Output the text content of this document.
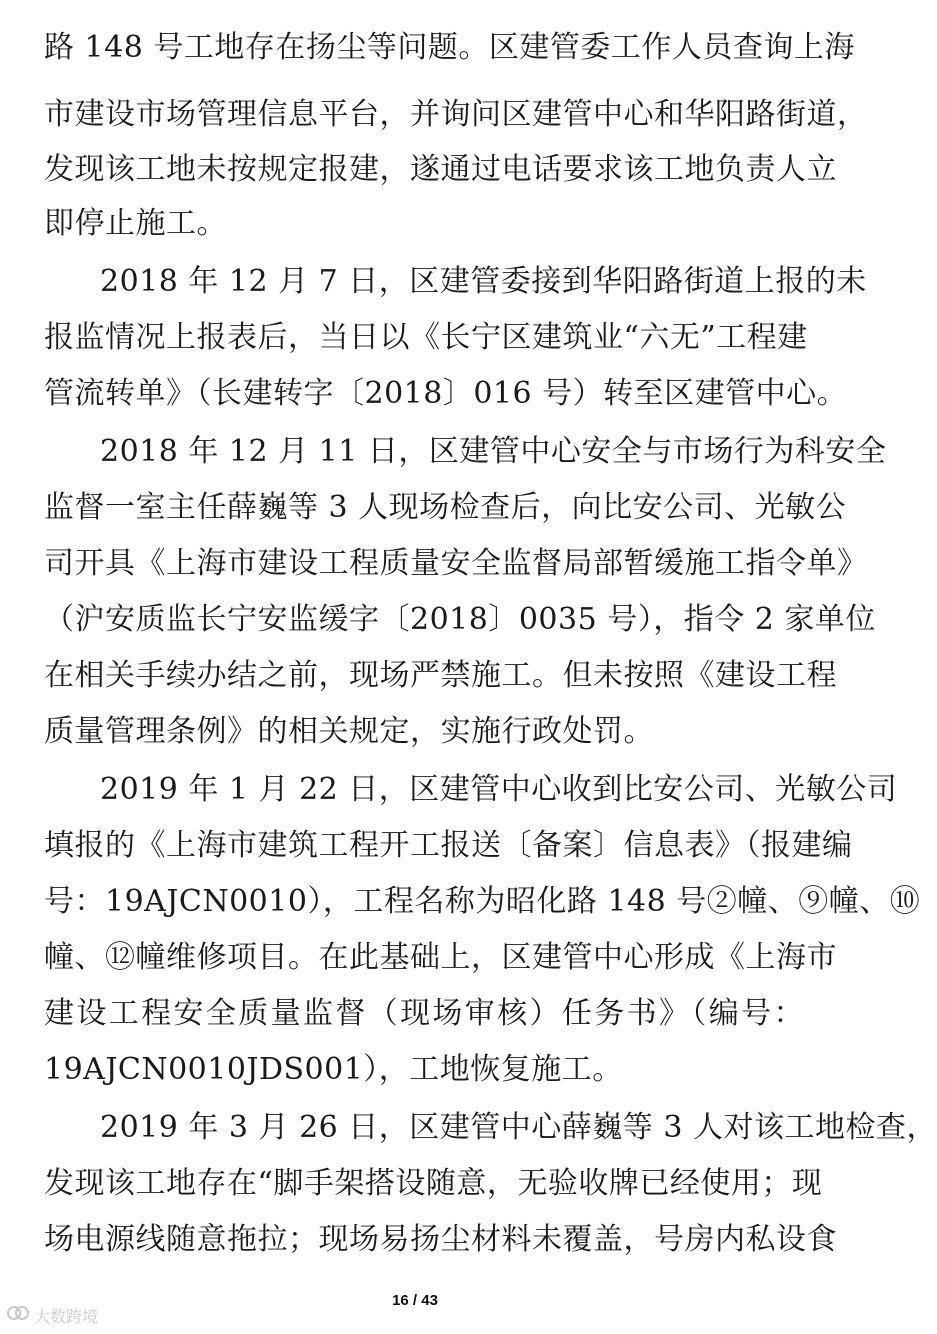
路 148 号工地存在扬尘等问题。区建管委工作人员查询上海
市建设市场管理信息平台，并询问区建管中心和华阳路街道，
发现该工地未按规定报建，遂通过电话要求该工地负责人立
即停止施工。
2018 年 12 月 7 日，区建管委接到华阳路街道上报的未
报监情况上报表后，当日以《长宁区建筑业“六无”工程建
管流转单》（长建转字〔2018〕016 号）转至区建管中心。
2018 年 12 月 11 日，区建管中心安全与市场行为科安全
监督一室主任薛巍等 3 人现场检查后，向比安公司、光敏公
司开具《上海市建设工程质量安全监督局部暂缓施工指令单》
（沪安质监长宁安监缓字〔2018〕0035 号），指令 2 家单位
在相关手续办结之前，现场严禁施工。但未按照《建设工程
质量管理条例》的相关规定，实施行政处罚。
2019 年 1 月 22 日，区建管中心收到比安公司、光敏公司
填报的《上海市建筑工程开工报送〔备案〕信息表》（报建编
号：19AJCN0010），工程名称为昭化路 148 号②幢、⑨幢、⑩
幢、⑫幢维修项目。在此基础上，区建管中心形成《上海市
建设工程安全质量监督（现场审核）任务书》（编号：
19AJCN0010JDS001），工地恢复施工。
2019 年 3 月 26 日，区建管中心薛巍等 3 人对该工地检查，
发现该工地存在“脚手架搭设随意，无验收牌已经使用；现
场电源线随意拖拉；现场易扬尘材料未覆盖，号房内私设食
16 / 43
大数跨境
